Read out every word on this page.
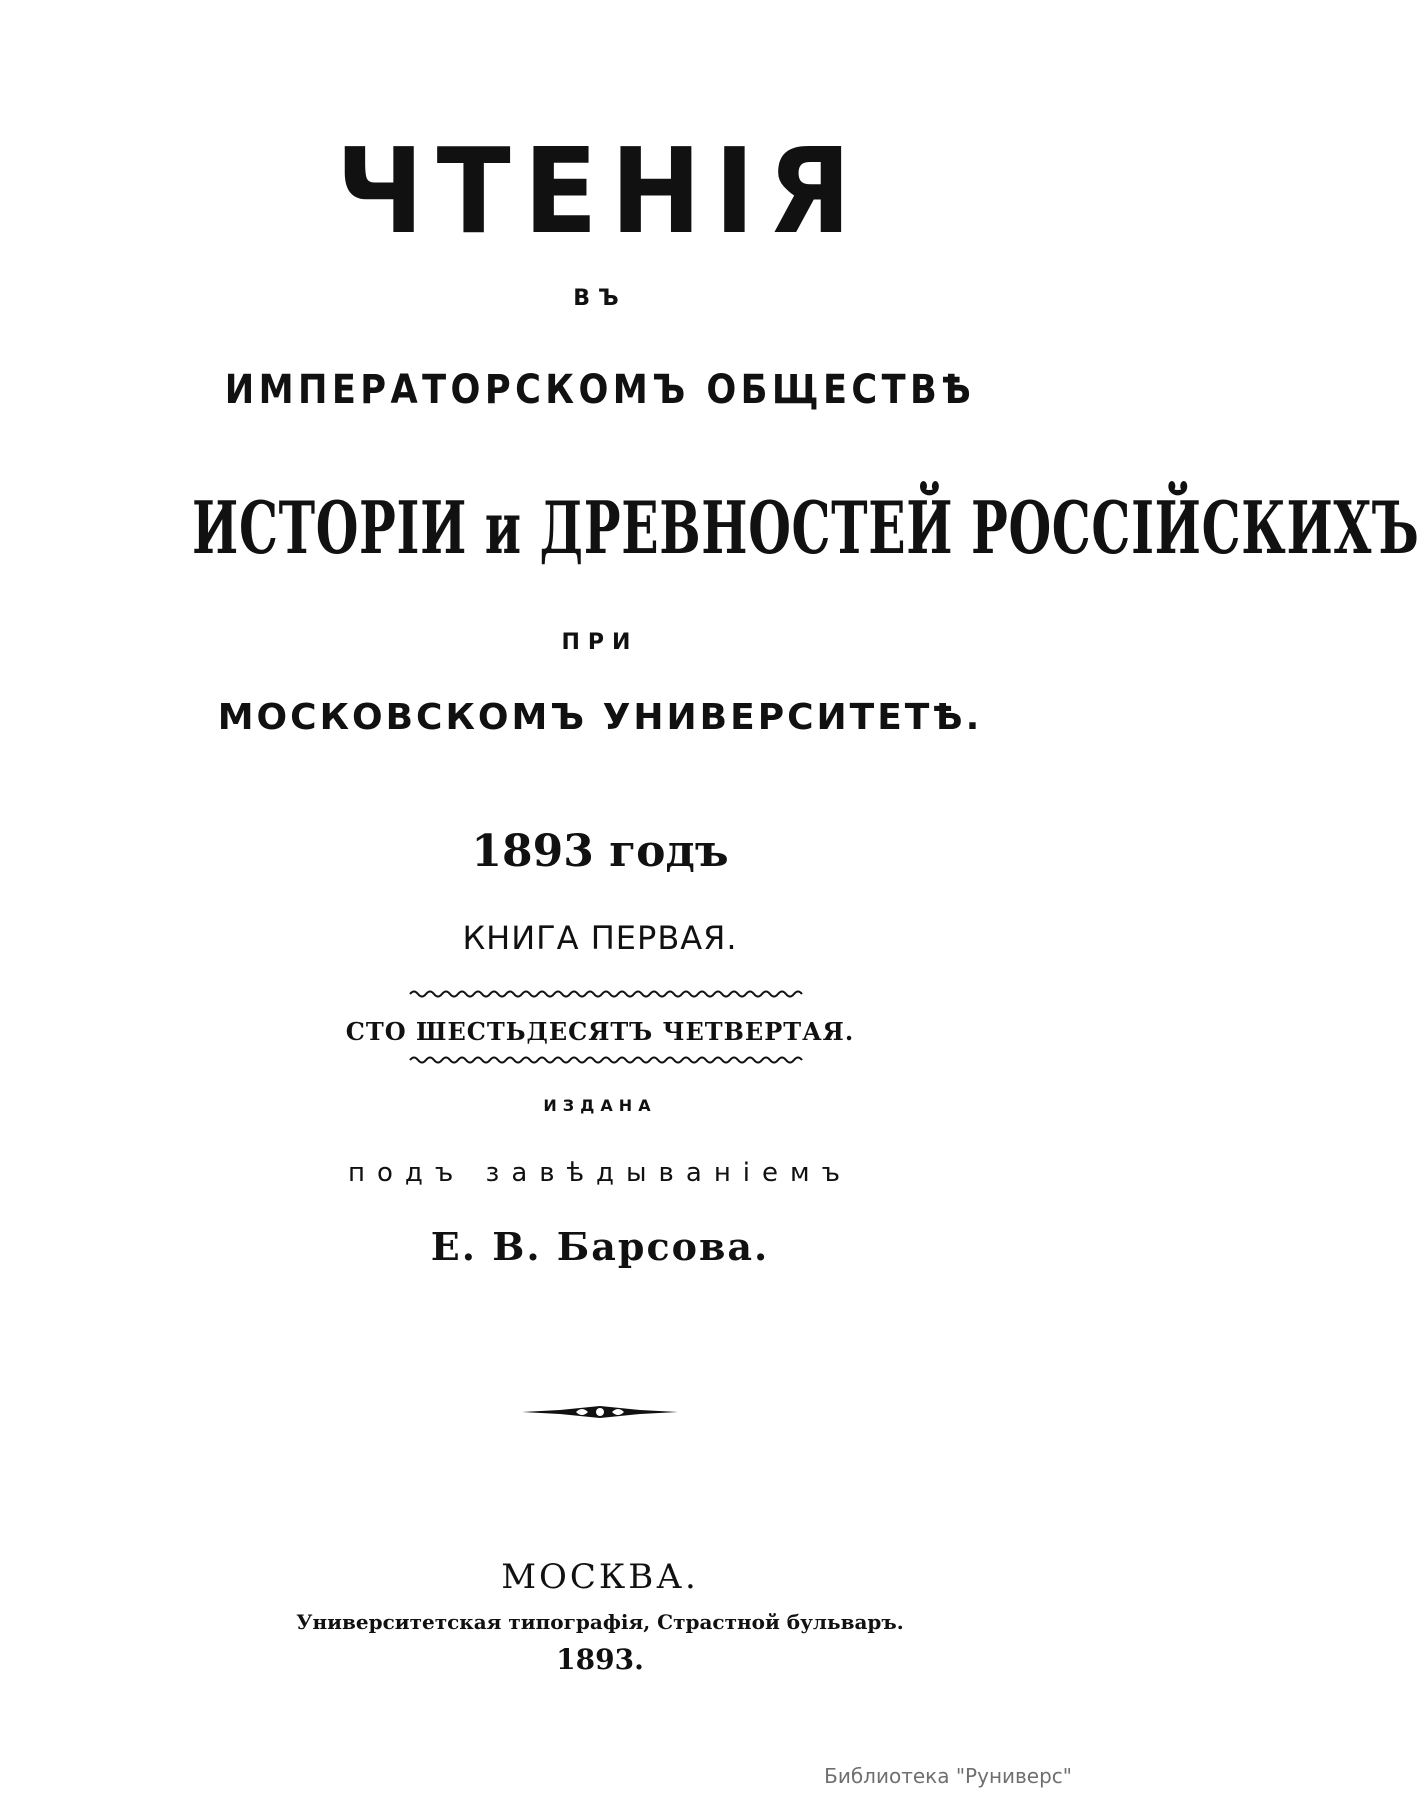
ЧТЕНІЯ
ВЪ
ИМПЕРАТОРСКОМЪ ОБЩЕСТВѢ
ИСТОРІИ и ДРЕВНОСТЕЙ РОССІЙСКИХЪ
ПРИ
МОСКОВСКОМЪ УНИВЕРСИТЕТѢ.
1893 годъ
КНИГА ПЕРВАЯ.
СТО ШЕСТЬДЕСЯТЪ ЧЕТВЕРТАЯ.
ИЗДАНА
подъ завѣдываніемъ
Е. В. Барсова.
МОСКВА.
Университетская типографія, Страстной бульваръ.
1893.
Библиотека "Руниверс"
